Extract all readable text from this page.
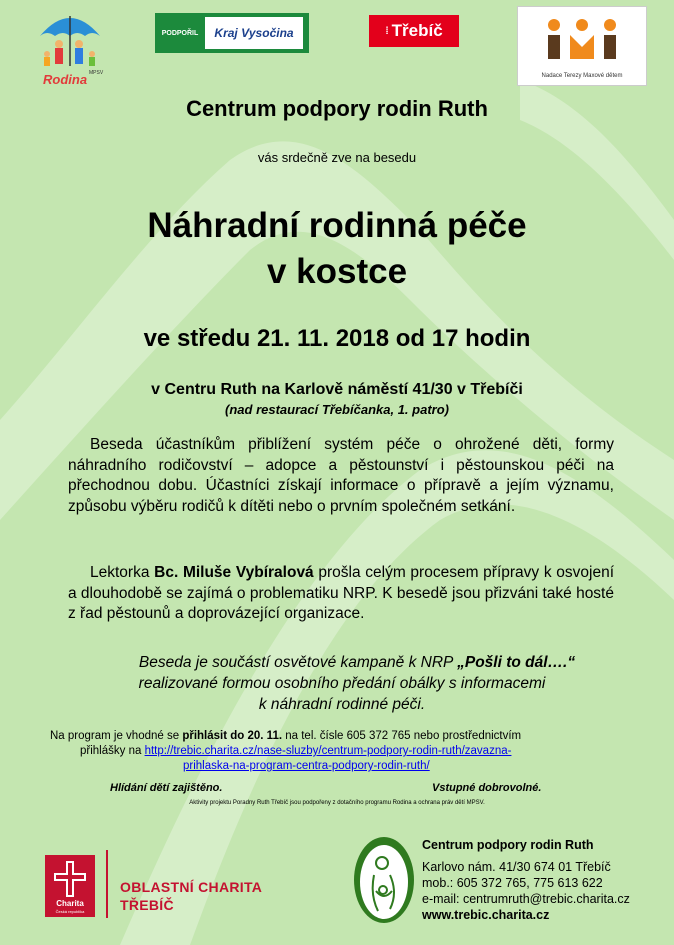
Rodina MPSV
PODPOŘIL	Kraj Vysočina	⁞ Třebíč
Nadace Terezy Maxové dětem
Centrum podpory rodin Ruth
vás srdečně zve na besedu
Náhradní rodinná péče
v kostce
ve středu 21. 11. 2018 od 17 hodin
v Centru Ruth na Karlově náměstí 41/30 v Třebíči
(nad restaurací Třebíčanka, 1. patro)
Beseda účastníkům přiblížení systém péče o ohrožené děti, formy náhradního rodičovství – adopce a pěstounství i pěstounskou péči na přechodnou dobu. Účastníci získají informace o přípravě a jejím významu, způsobu výběru rodičů k dítěti nebo o prvním společném setkání.
Lektorka Bc. Miluše Vybíralová prošla celým procesem přípravy k osvojení a dlouhodobě se zajímá o problematiku NRP. K besedě jsou přizváni také hosté z řad pěstounů a doprovázející organizace.
Beseda je součástí osvětové kampaně k NRP „Pošli to dál….“
realizované formou osobního předání obálky s informacemi
k náhradní rodinné péči.
Na program je vhodné se přihlásit do 20. 11. na tel. čísle 605 372 765 nebo prostřednictvím
přihlášky na http://trebic.charita.cz/nase-sluzby/centrum-podpory-rodin-ruth/zavazna-
prihlaska-na-program-centra-podpory-rodin-ruth/
Hlídání dětí zajištěno.	Vstupné dobrovolné.
Aktivity projektu Poradny Ruth Třebíč jsou podpořeny z dotačního programu Rodina a ochrana práv dětí MPSV.
Charita
Česká republika
OBLASTNÍ CHARITA
TŘEBÍČ
Centrum podpory rodin Ruth
Karlovo nám. 41/30 674 01 Třebíč
mob.: 605 372 765, 775 613 622
e-mail: centrumruth@trebic.charita.cz
www.trebic.charita.cz
